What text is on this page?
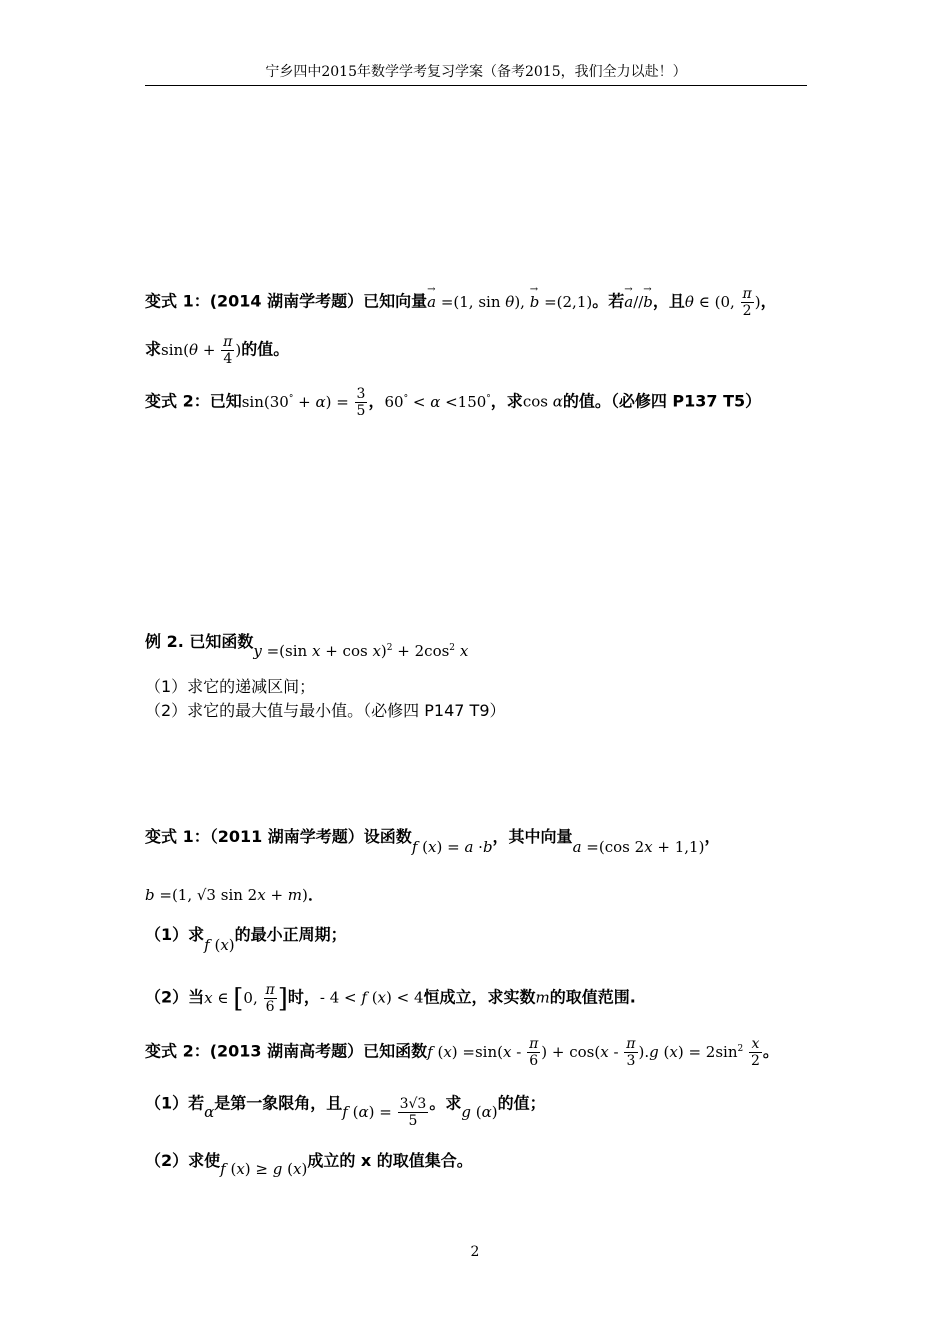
宁乡四中2015年数学学考复习学案（备考2015，我们全力以赴！）
变式 1：(2014 湖南学考题）已知向量→ a =(1, sin θ), → b =(2,1)。若→ a//→ b，且θ ∈ (0, $\frac{\pi}{2}$ )，
求$\sin(\theta + \frac{\pi}{4}$ )的值。
变式 2：已知$\sin(30^\circ + \alpha) = \frac{3}{5}$ ，60° < α <150°，求cos α的值。（必修四 P137 T5）
例 2. 已知函数y =(sin $x + \cos x)^2 + 2\cos^2$ x
（1）求它的递减区间；
（2）求它的最大值与最小值。（必修四 P147 T9）
变式 1：（2011 湖南学考题）设函数f (x) = a ·b，其中向量a =(cos 2x + 1,1)，
b =(1, √3 sin 2x + m)．
（1）求f (x)的最小正周期；
（2）当x ∈ [0, $\frac{\pi}{6}$ ]时，- 4 < f (x) < 4恒成立，求实数m的取值范围.
变式 2：(2013 湖南高考题）已知函数f $(x) =\sin(x - \frac{\pi}{6}$ ) + $\cos(x - \frac{\pi}{3} ).g$ $(x) = 2\sin^2 \frac{x}{2}$ 。
（1）若α是第一象限角，且f $(\alpha) = \frac{3√3}{5}$ 。求g (α)的值；
（2）求使f (x) ≥ g (x)成立的 x 的取值集合。
2
